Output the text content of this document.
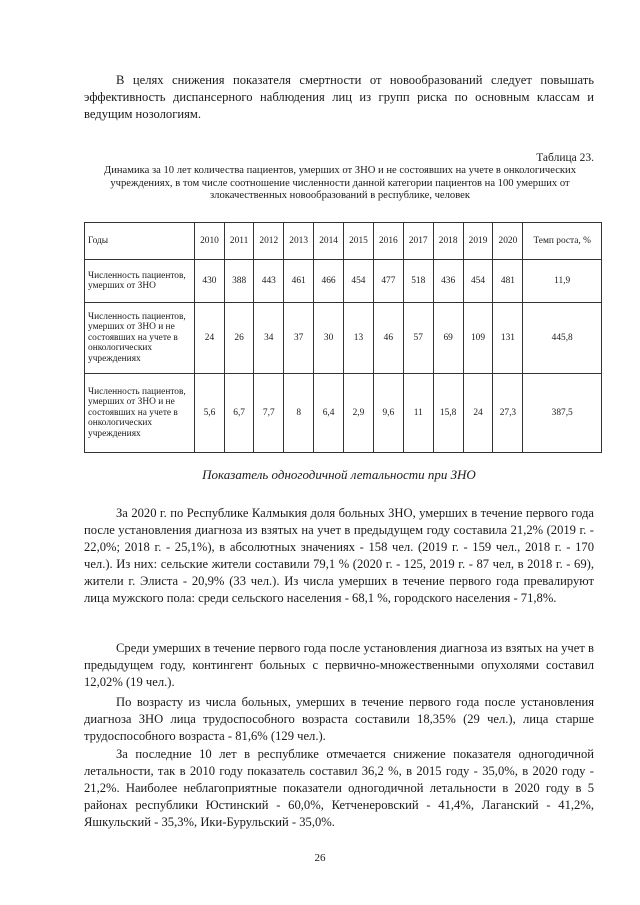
В целях снижения показателя смертности от новообразований следует повышать эффективность диспансерного наблюдения лиц из групп риска по основным классам и ведущим нозологиям.

Таблица 23.

Динамика за 10 лет количества пациентов, умерших от ЗНО и не состоявших на учете в онкологических учреждениях, в том числе соотношение численности данной категории пациентов на 100 умерших от злокачественных новообразований в республике, человек

Годы	2010	2011	2012	2013	2014	2015	2016	2017	2018	2019	2020	Темп роста, %
Численность пациентов, умерших от ЗНО	430	388	443	461	466	454	477	518	436	454	481	11,9
Численность пациентов, умерших от ЗНО и не состоявших на учете в онкологических учреждениях	24	26	34	37	30	13	46	57	69	109	131	445,8
Численность пациентов, умерших от ЗНО и не состоявших на учете в онкологических учреждениях	5,6	6,7	7,7	8	6,4	2,9	9,6	11	15,8	24	27,3	387,5

Показатель одногодичной летальности при ЗНО

За 2020 г. по Республике Калмыкия доля больных ЗНО, умерших в течение первого года после установления диагноза из взятых на учет в предыдущем году составила 21,2% (2019 г. - 22,0%; 2018 г. - 25,1%), в абсолютных значениях - 158 чел. (2019 г. - 159 чел., 2018 г. - 170 чел.). Из них: сельские жители составили 79,1 % (2020 г. - 125, 2019 г. - 87 чел, в 2018 г. - 69), жители г. Элиста - 20,9% (33 чел.). Из числа умерших в течение первого года превалируют лица мужского пола: среди сельского населения - 68,1 %, городского населения - 71,8%.

Среди умерших в течение первого года после установления диагноза из взятых на учет в предыдущем году, контингент больных с первично-множественными опухолями составил 12,02% (19 чел.).

По возрасту из числа больных, умерших в течение первого года после установления диагноза ЗНО лица трудоспособного возраста составили 18,35% (29 чел.), лица старше трудоспособного возраста - 81,6% (129 чел.).

За последние 10 лет в республике отмечается снижение показателя одногодичной летальности, так в 2010 году показатель составил 36,2 %, в 2015 году - 35,0%, в 2020 году - 21,2%. Наиболее неблагоприятные показатели одногодичной летальности в 2020 году в 5 районах республики Юстинский - 60,0%, Кетченеровский - 41,4%, Лаганский - 41,2%, Яшкульский - 35,3%, Ики-Бурульский - 35,0%.

26
